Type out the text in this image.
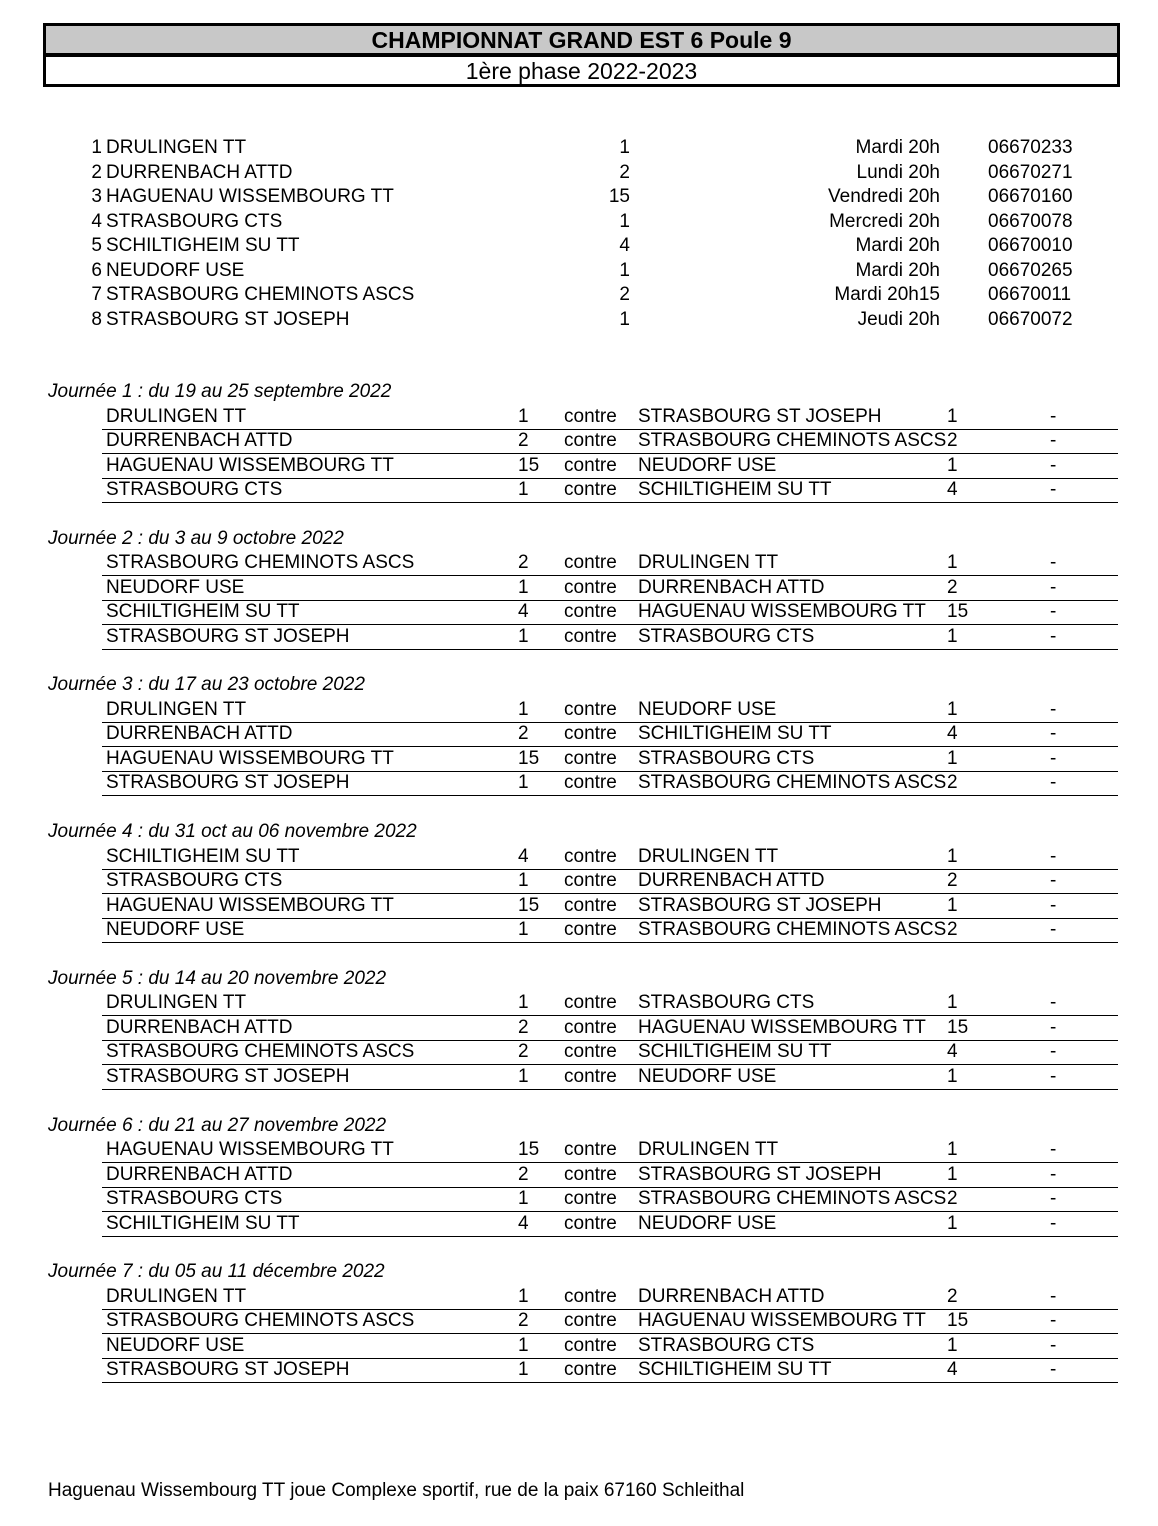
CHAMPIONNAT GRAND EST 6 Poule 9
1ère phase 2022-2023
1 DRULINGEN TT	1	Mardi 20h	06670233
2 DURRENBACH ATTD	2	Lundi 20h	06670271
3 HAGUENAU WISSEMBOURG TT	15	Vendredi 20h	06670160
4 STRASBOURG CTS	1	Mercredi 20h	06670078
5 SCHILTIGHEIM SU TT	4	Mardi 20h	06670010
6 NEUDORF USE	1	Mardi 20h	06670265
7 STRASBOURG CHEMINOTS ASCS	2	Mardi 20h15	06670011
8 STRASBOURG ST JOSEPH	1	Jeudi 20h	06670072
Journée 1 : du 19 au 25 septembre 2022
DRULINGEN TT	1 contre STRASBOURG ST JOSEPH	1	-
DURRENBACH ATTD	2 contre STRASBOURG CHEMINOTS ASCS 2	-
HAGUENAU WISSEMBOURG TT	15 contre NEUDORF USE	1	-
STRASBOURG CTS	1 contre SCHILTIGHEIM SU TT	4	-
Journée 2 : du 3 au 9 octobre 2022
STRASBOURG CHEMINOTS ASCS	2 contre DRULINGEN TT	1	-
NEUDORF USE	1 contre DURRENBACH ATTD	2	-
SCHILTIGHEIM SU TT	4 contre HAGUENAU WISSEMBOURG TT 15	-
STRASBOURG ST JOSEPH	1 contre STRASBOURG CTS	1	-
Journée 3 : du 17 au 23 octobre 2022
DRULINGEN TT	1 contre NEUDORF USE	1	-
DURRENBACH ATTD	2 contre SCHILTIGHEIM SU TT	4	-
HAGUENAU WISSEMBOURG TT	15 contre STRASBOURG CTS	1	-
STRASBOURG ST JOSEPH	1 contre STRASBOURG CHEMINOTS ASCS 2	-
Journée 4 : du 31 oct au 06 novembre 2022
SCHILTIGHEIM SU TT	4 contre DRULINGEN TT	1	-
STRASBOURG CTS	1 contre DURRENBACH ATTD	2	-
HAGUENAU WISSEMBOURG TT	15 contre STRASBOURG ST JOSEPH	1	-
NEUDORF USE	1 contre STRASBOURG CHEMINOTS ASCS 2	-
Journée 5 : du 14 au 20 novembre 2022
DRULINGEN TT	1 contre STRASBOURG CTS	1	-
DURRENBACH ATTD	2 contre HAGUENAU WISSEMBOURG TT 15	-
STRASBOURG CHEMINOTS ASCS	2 contre SCHILTIGHEIM SU TT	4	-
STRASBOURG ST JOSEPH	1 contre NEUDORF USE	1	-
Journée 6 : du 21 au 27 novembre 2022
HAGUENAU WISSEMBOURG TT	15 contre DRULINGEN TT	1	-
DURRENBACH ATTD	2 contre STRASBOURG ST JOSEPH	1	-
STRASBOURG CTS	1 contre STRASBOURG CHEMINOTS ASCS 2	-
SCHILTIGHEIM SU TT	4 contre NEUDORF USE	1	-
Journée 7 : du 05 au 11 décembre 2022
DRULINGEN TT	1 contre DURRENBACH ATTD	2	-
STRASBOURG CHEMINOTS ASCS	2 contre HAGUENAU WISSEMBOURG TT 15	-
NEUDORF USE	1 contre STRASBOURG CTS	1	-
STRASBOURG ST JOSEPH	1 contre SCHILTIGHEIM SU TT	4	-
Haguenau Wissembourg TT joue Complexe sportif, rue de la paix 67160 Schleithal
